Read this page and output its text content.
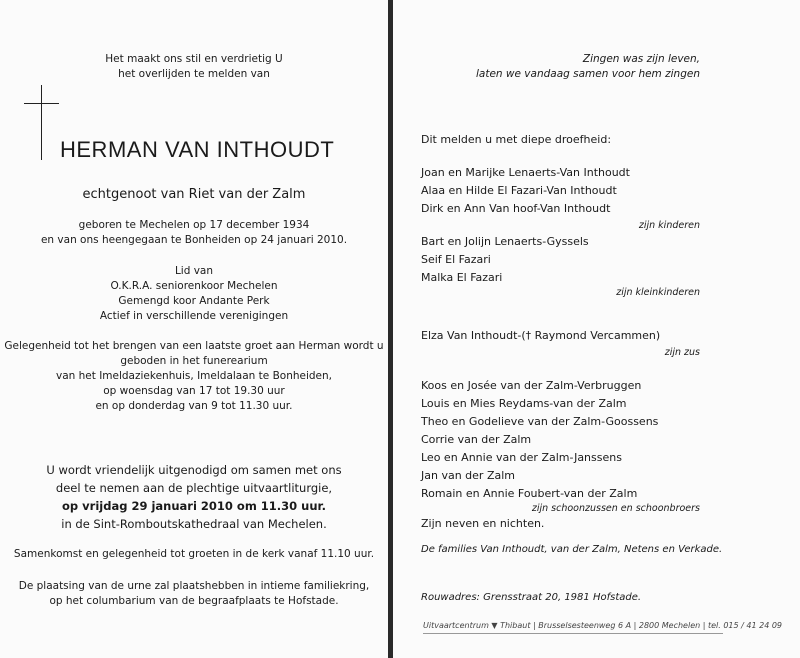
Het maakt ons stil en verdrietig U
het overlijden te melden van
HERMAN VAN INTHOUDT
echtgenoot van Riet van der Zalm
geboren te Mechelen op 17 december 1934
en van ons heengegaan te Bonheiden op 24 januari 2010.
Lid van
O.K.R.A. seniorenkoor Mechelen
Gemengd koor Andante Perk
Actief in verschillende verenigingen
Gelegenheid tot het brengen van een laatste groet aan Herman wordt u
geboden in het funerearium
van het Imeldaziekenhuis, Imeldalaan te Bonheiden,
op woensdag van 17 tot 19.30 uur
en op donderdag van 9 tot 11.30 uur.
U wordt vriendelijk uitgenodigd om samen met ons
deel te nemen aan de plechtige uitvaartliturgie,
op vrijdag 29 januari 2010 om 11.30 uur.
in de Sint-Romboutskathedraal van Mechelen.
Samenkomst en gelegenheid tot groeten in de kerk vanaf 11.10 uur.
De plaatsing van de urne zal plaatshebben in intieme familiekring,
op het columbarium van de begraafplaats te Hofstade.
Zingen was zijn leven,
laten we vandaag samen voor hem zingen
Dit melden u met diepe droefheid:
Joan en Marijke Lenaerts-Van Inthoudt
Alaa en Hilde El Fazari-Van Inthoudt
Dirk en Ann Van hoof-Van Inthoudt
zijn kinderen
Bart en Jolijn Lenaerts-Gyssels
Seif El Fazari
Malka El Fazari
zijn kleinkinderen
Elza Van Inthoudt-(† Raymond Vercammen)
zijn zus
Koos en Josée van der Zalm-Verbruggen
Louis en Mies Reydams-van der Zalm
Theo en Godelieve van der Zalm-Goossens
Corrie van der Zalm
Leo en Annie van der Zalm-Janssens
Jan van der Zalm
Romain en Annie Foubert-van der Zalm
zijn schoonzussen en schoonbroers
Zijn neven en nichten.
De families Van Inthoudt, van der Zalm, Netens en Verkade.
Rouwadres: Grensstraat 20, 1981 Hofstade.
Uitvaartcentrum ▼ Thibaut | Brusselsesteenweg 6 A | 2800 Mechelen | tel. 015 / 41 24 09
